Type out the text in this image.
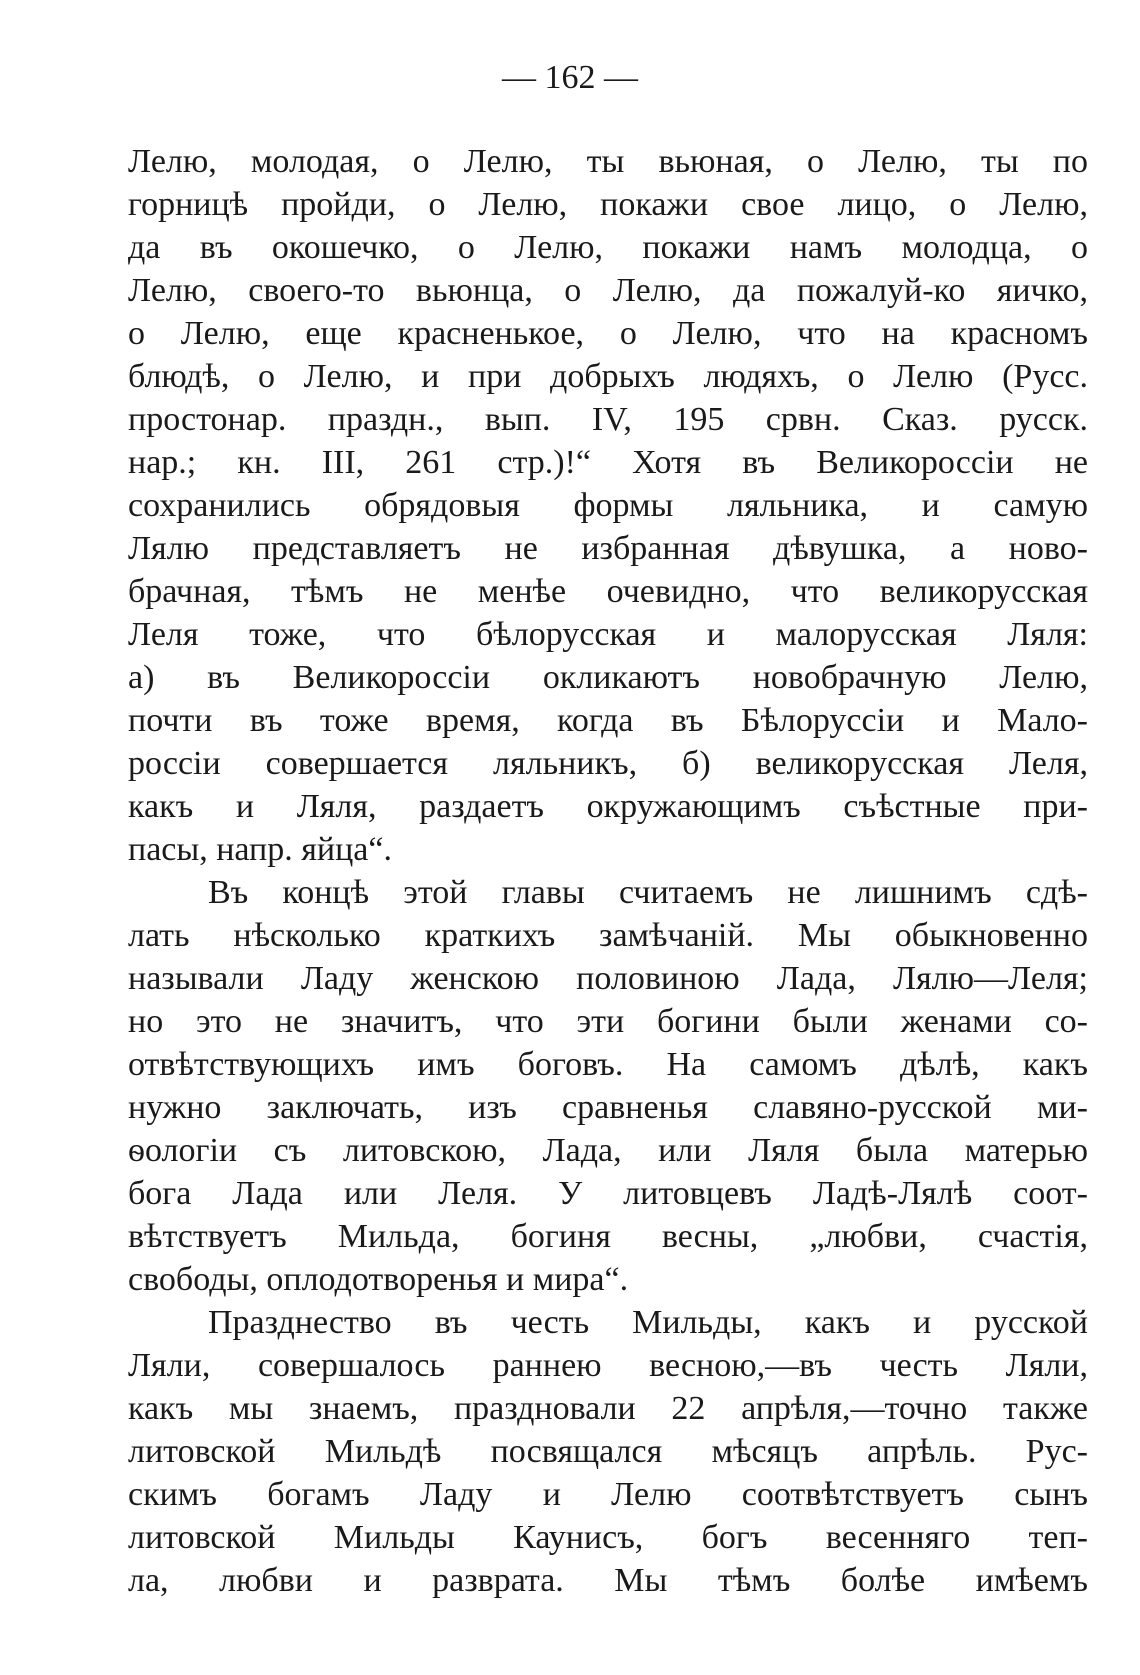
— 162 —
Лелю, молодая, о Лелю, ты вьюная, о Лелю, ты по
горницѣ пройди, о Лелю, покажи свое лицо, о Лелю,
да въ окошечко, о Лелю, покажи намъ молодца, о
Лелю, своего-то вьюнца, о Лелю, да пожалуй-ко яичко,
о Лелю, еще красненькое, о Лелю, что на красномъ
блюдѣ, о Лелю, и при добрыхъ людяхъ, о Лелю (Русс.
простонар. праздн., вып. IV, 195 срвн. Сказ. русск.
нар.; кн. III, 261 стр.)!“ Хотя въ Великороссіи не
сохранились обрядовыя формы ляльника, и самую
Лялю представляетъ не избранная дѣвушка, а ново-
брачная, тѣмъ не менѣе очевидно, что великорусская
Леля тоже, что бѣлорусская и малорусская Ляля:
а) въ Великороссіи окликаютъ новобрачную Лелю,
почти въ тоже время, когда въ Бѣлоруссіи и Мало-
россіи совершается ляльникъ, б) великорусская Леля,
какъ и Ляля, раздаетъ окружающимъ съѣстные при-
пасы, напр. яйца“.
Въ концѣ этой главы считаемъ не лишнимъ сдѣ-
лать нѣсколько краткихъ замѣчаній. Мы обыкновенно
называли Ладу женскою половиною Лада, Лялю—Леля;
но это не значитъ, что эти богини были женами со-
отвѣтствующихъ имъ боговъ. На самомъ дѣлѣ, какъ
нужно заключать, изъ сравненья славяно-русской ми-
ѳологіи съ литовскою, Лада, или Ляля была матерью
бога Лада или Леля. У литовцевъ Ладѣ-Лялѣ соот-
вѣтствуетъ Мильда, богиня весны, „любви, счастія,
свободы, оплодотворенья и мира“.
Празднество въ честь Мильды, какъ и русской
Ляли, совершалось раннею весною,—въ честь Ляли,
какъ мы знаемъ, праздновали 22 апрѣля,—точно также
литовской Мильдѣ посвящался мѣсяцъ апрѣль. Рус-
скимъ богамъ Ладу и Лелю соотвѣтствуетъ сынъ
литовской Мильды Каунисъ, богъ весенняго теп-
ла, любви и разврата. Мы тѣмъ болѣе имѣемъ
